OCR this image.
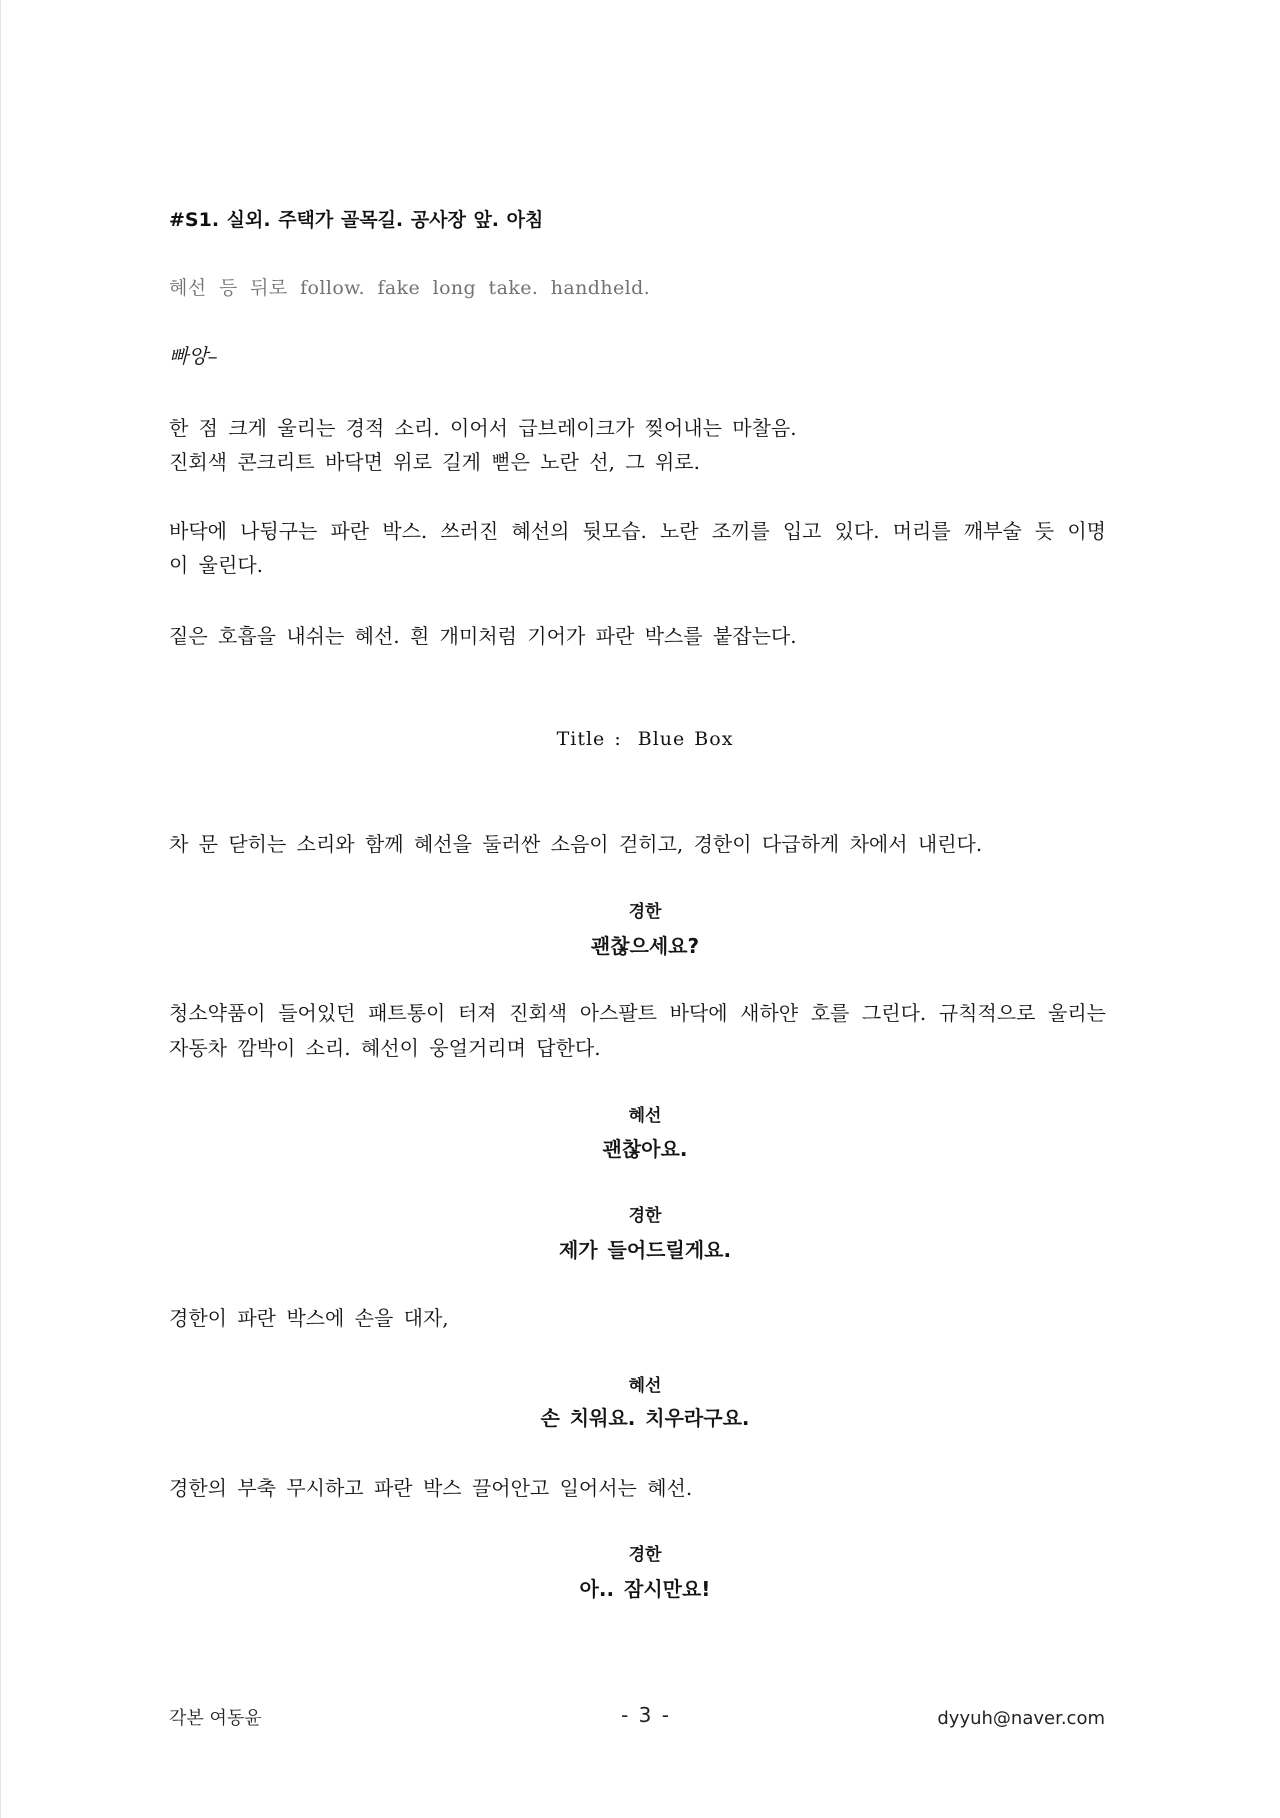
#S1. 실외. 주택가 골목길. 공사장 앞. 아침
혜선 등 뒤로 follow. fake long take. handheld.
빠앙–
한 점 크게 울리는 경적 소리. 이어서 급브레이크가 찢어내는 마찰음.
진회색 콘크리트 바닥면 위로 길게 뻗은 노란 선, 그 위로.
바닥에 나뒹구는 파란 박스. 쓰러진 혜선의 뒷모습. 노란 조끼를 입고 있다. 머리를 깨부술 듯 이명
이 울린다.
짙은 호흡을 내쉬는 혜선. 흰 개미처럼 기어가 파란 박스를 붙잡는다.
Title : Blue Box
차 문 닫히는 소리와 함께 혜선을 둘러싼 소음이 걷히고, 경한이 다급하게 차에서 내린다.
경한
괜찮으세요?
청소약품이 들어있던 패트통이 터져 진회색 아스팔트 바닥에 새하얀 호를 그린다. 규칙적으로 울리는
자동차 깜박이 소리. 혜선이 웅얼거리며 답한다.
혜선
괜찮아요.
경한
제가 들어드릴게요.
경한이 파란 박스에 손을 대자,
혜선
손 치워요. 치우라구요.
경한의 부축 무시하고 파란 박스 끌어안고 일어서는 혜선.
경한
아.. 잠시만요!
각본 여동윤	- 3 -	dyyuh@naver.com
